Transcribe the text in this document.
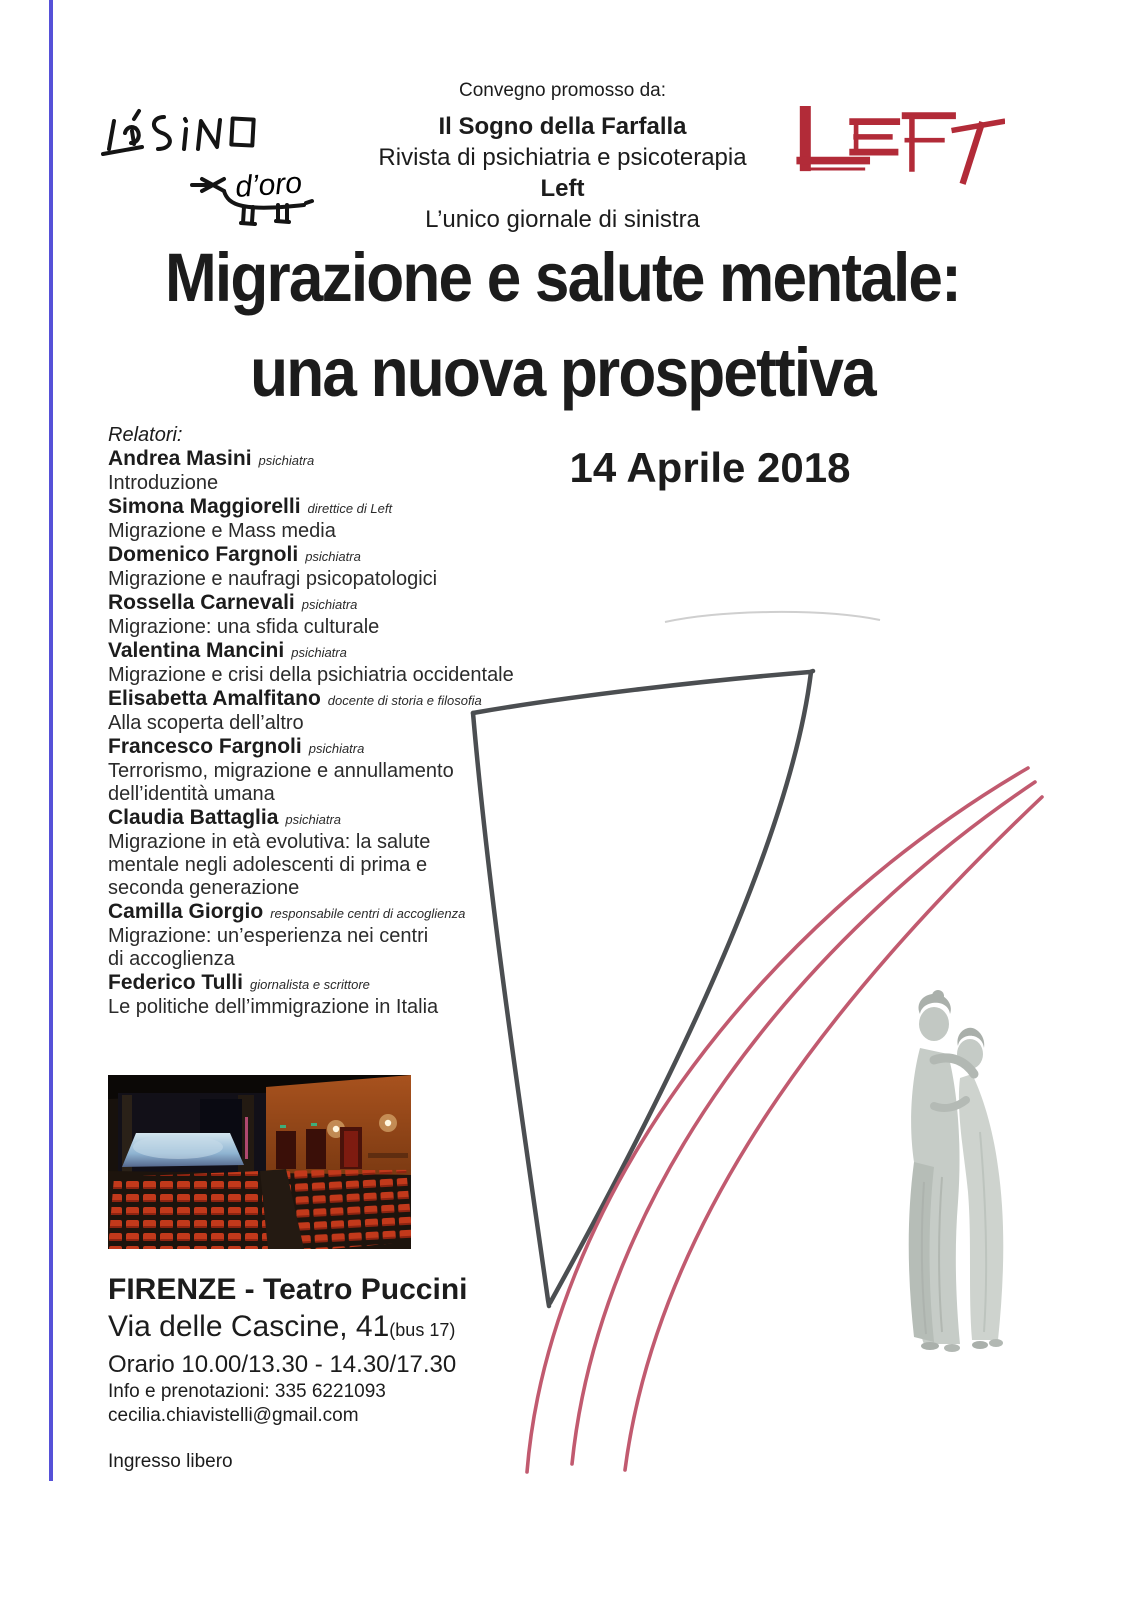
d’oro
Convegno promosso da:
Il Sogno della Farfalla
Rivista di psichiatria e psicoterapia
Left
L’unico giornale di sinistra
Migrazione e salute mentale:
una nuova prospettiva
14 Aprile 2018
Relatori:
Andrea Masini psichiatra
Introduzione
Simona Maggiorelli direttice di Left
Migrazione e Mass media
Domenico Fargnoli psichiatra
Migrazione e naufragi psicopatologici
Rossella Carnevali psichiatra
Migrazione: una sfida culturale
Valentina Mancini psichiatra
Migrazione e crisi della psichiatria occidentale
Elisabetta Amalfitano docente di storia e filosofia
Alla scoperta dell’altro
Francesco Fargnoli psichiatra
Terrorismo, migrazione e annullamento
dell’identità umana
Claudia Battaglia psichiatra
Migrazione in età evolutiva: la salute
mentale negli adolescenti di prima e
seconda generazione
Camilla Giorgio responsabile centri di accoglienza
Migrazione: un’esperienza nei centri
di accoglienza
Federico Tulli giornalista e scrittore
Le politiche dell’immigrazione in Italia
FIRENZE - Teatro Puccini
Via delle Cascine, 41(bus 17)
Orario 10.00/13.30 - 14.30/17.30
Info e prenotazioni: 335 6221093
cecilia.chiavistelli@gmail.com
Ingresso libero
